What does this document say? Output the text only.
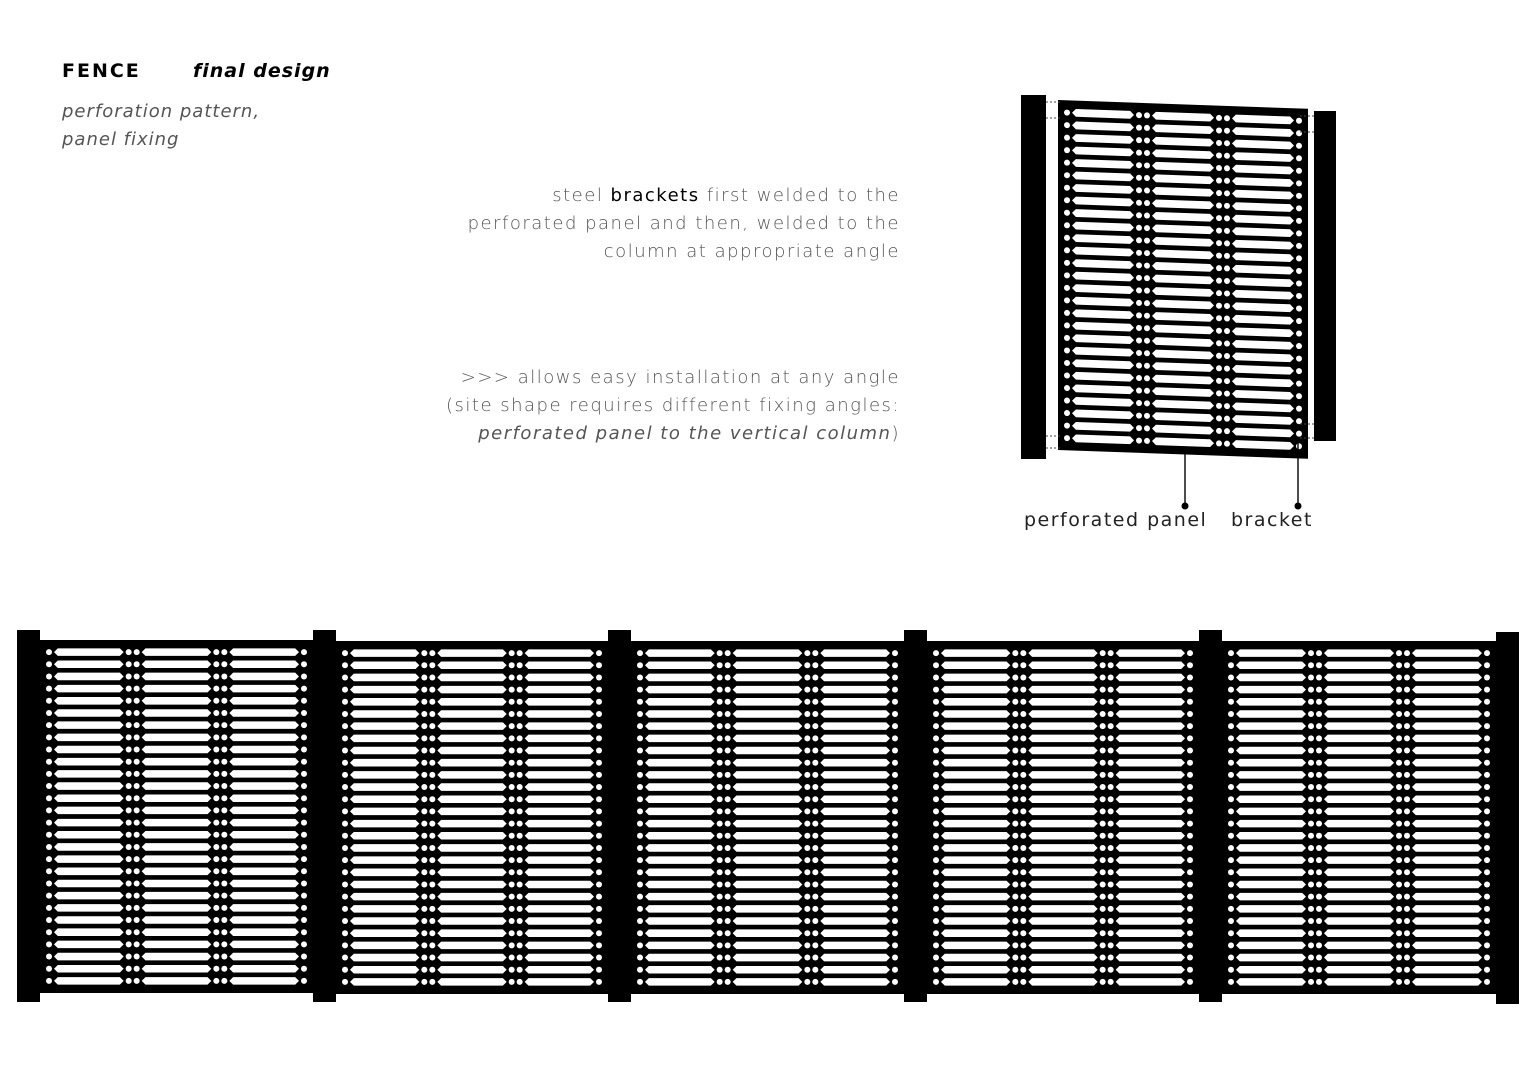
FENCE	final design
perforation pattern,
panel fixing
steel brackets first welded to the
perforated panel and then, welded to the
column at appropriate angle
>>> allows easy installation at any angle
(site shape requires different fixing angles:
perforated panel to the vertical column)
perforated panel bracket
